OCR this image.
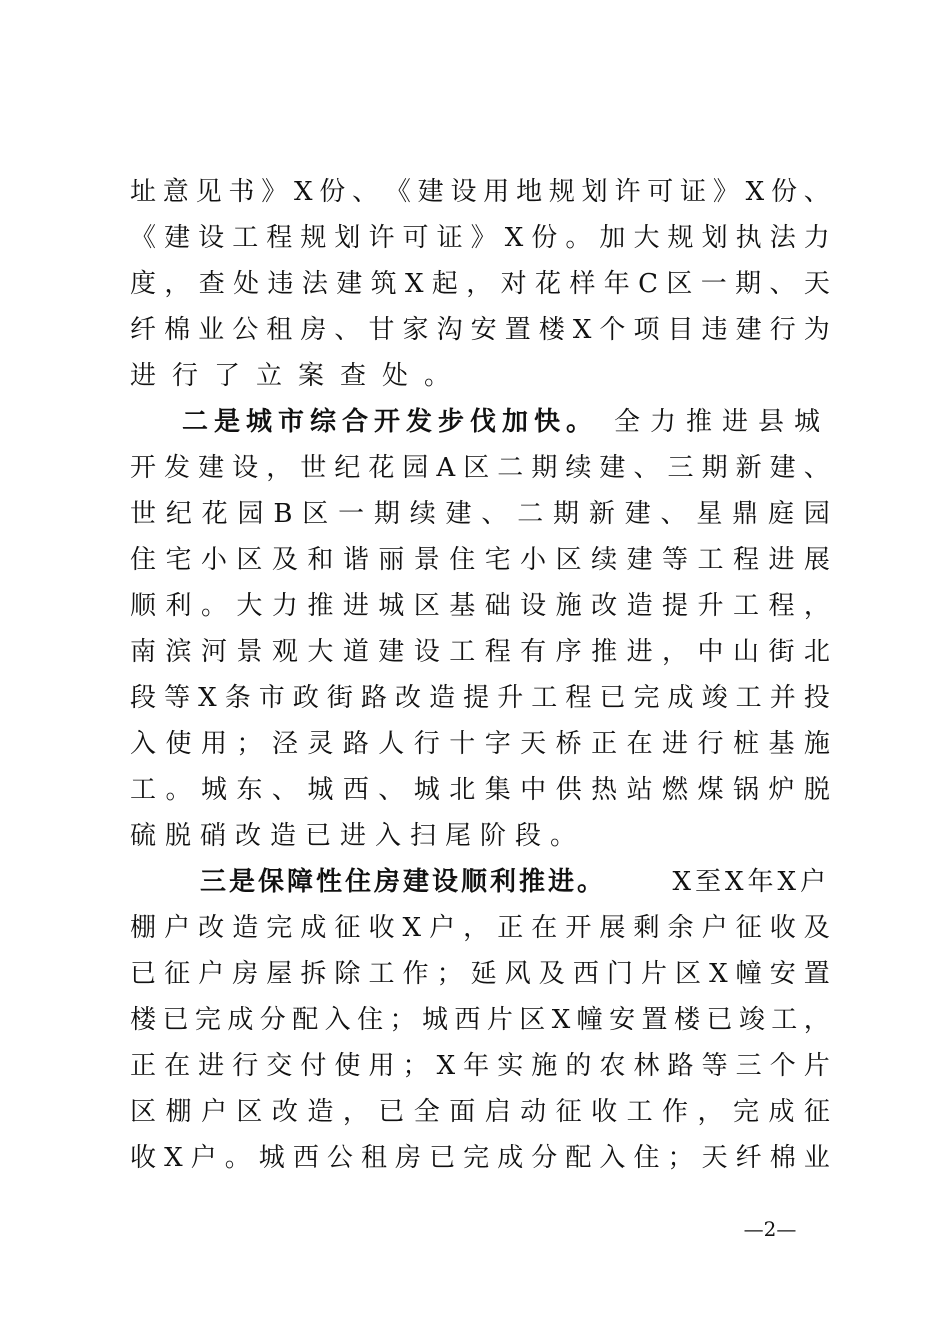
址 意 见 书 》 X 份 、 《 建 设 用 地 规 划 许 可 证 》 X 份 、
《 建 设 工 程 规 划 许 可 证 》 X 份 。 加 大 规 划 执 法 力
度 ， 查 处 违 法 建 筑 X 起 ， 对 花 样 年 C 区 一 期 、 天
纤 棉 业 公 租 房 、 甘 家 沟 安 置 楼 X 个 项 目 违 建 行 为
进行了立案查处。
二是城市综合开发步伐加快。 全力推进县城
开 发 建 设 ， 世 纪 花 园 A 区 二 期 续 建 、 三 期 新 建 、
世 纪 花 园 B 区 一 期 续 建 、 二 期 新 建 、 星 鼎 庭 园
住 宅 小 区 及 和 谐 丽 景 住 宅 小 区 续 建 等 工 程 进 展
顺 利 。 大 力 推 进 城 区 基 础 设 施 改 造 提 升 工 程 ，
南 滨 河 景 观 大 道 建 设 工 程 有 序 推 进 ， 中 山 街 北
段 等 X 条 市 政 街 路 改 造 提 升 工 程 已 完 成 竣 工 并 投
入 使 用 ； 泾 灵 路 人 行 十 字 天 桥 正 在 进 行 桩 基 施
工 。 城 东 、 城 西 、 城 北 集 中 供 热 站 燃 煤 锅 炉 脱
硫脱硝改造已进入扫尾阶段。
三是保障性住房建设顺利推进。	X至X年X户
棚 户 改 造 完 成 征 收 X 户 ， 正 在 开 展 剩 余 户 征 收 及
已 征 户 房 屋 拆 除 工 作 ； 延 风 及 西 门 片 区 X 幢 安 置
楼 已 完 成 分 配 入 住 ； 城 西 片 区 X 幢 安 置 楼 已 竣 工 ，
正 在 进 行 交 付 使 用 ； X 年 实 施 的 农 林 路 等 三 个 片
区 棚 户 区 改 造 ， 已 全 面 启 动 征 收 工 作 ， 完 成 征
收 X 户 。 城 西 公 租 房 已 完 成 分 配 入 住 ； 天 纤 棉 业
—2—
